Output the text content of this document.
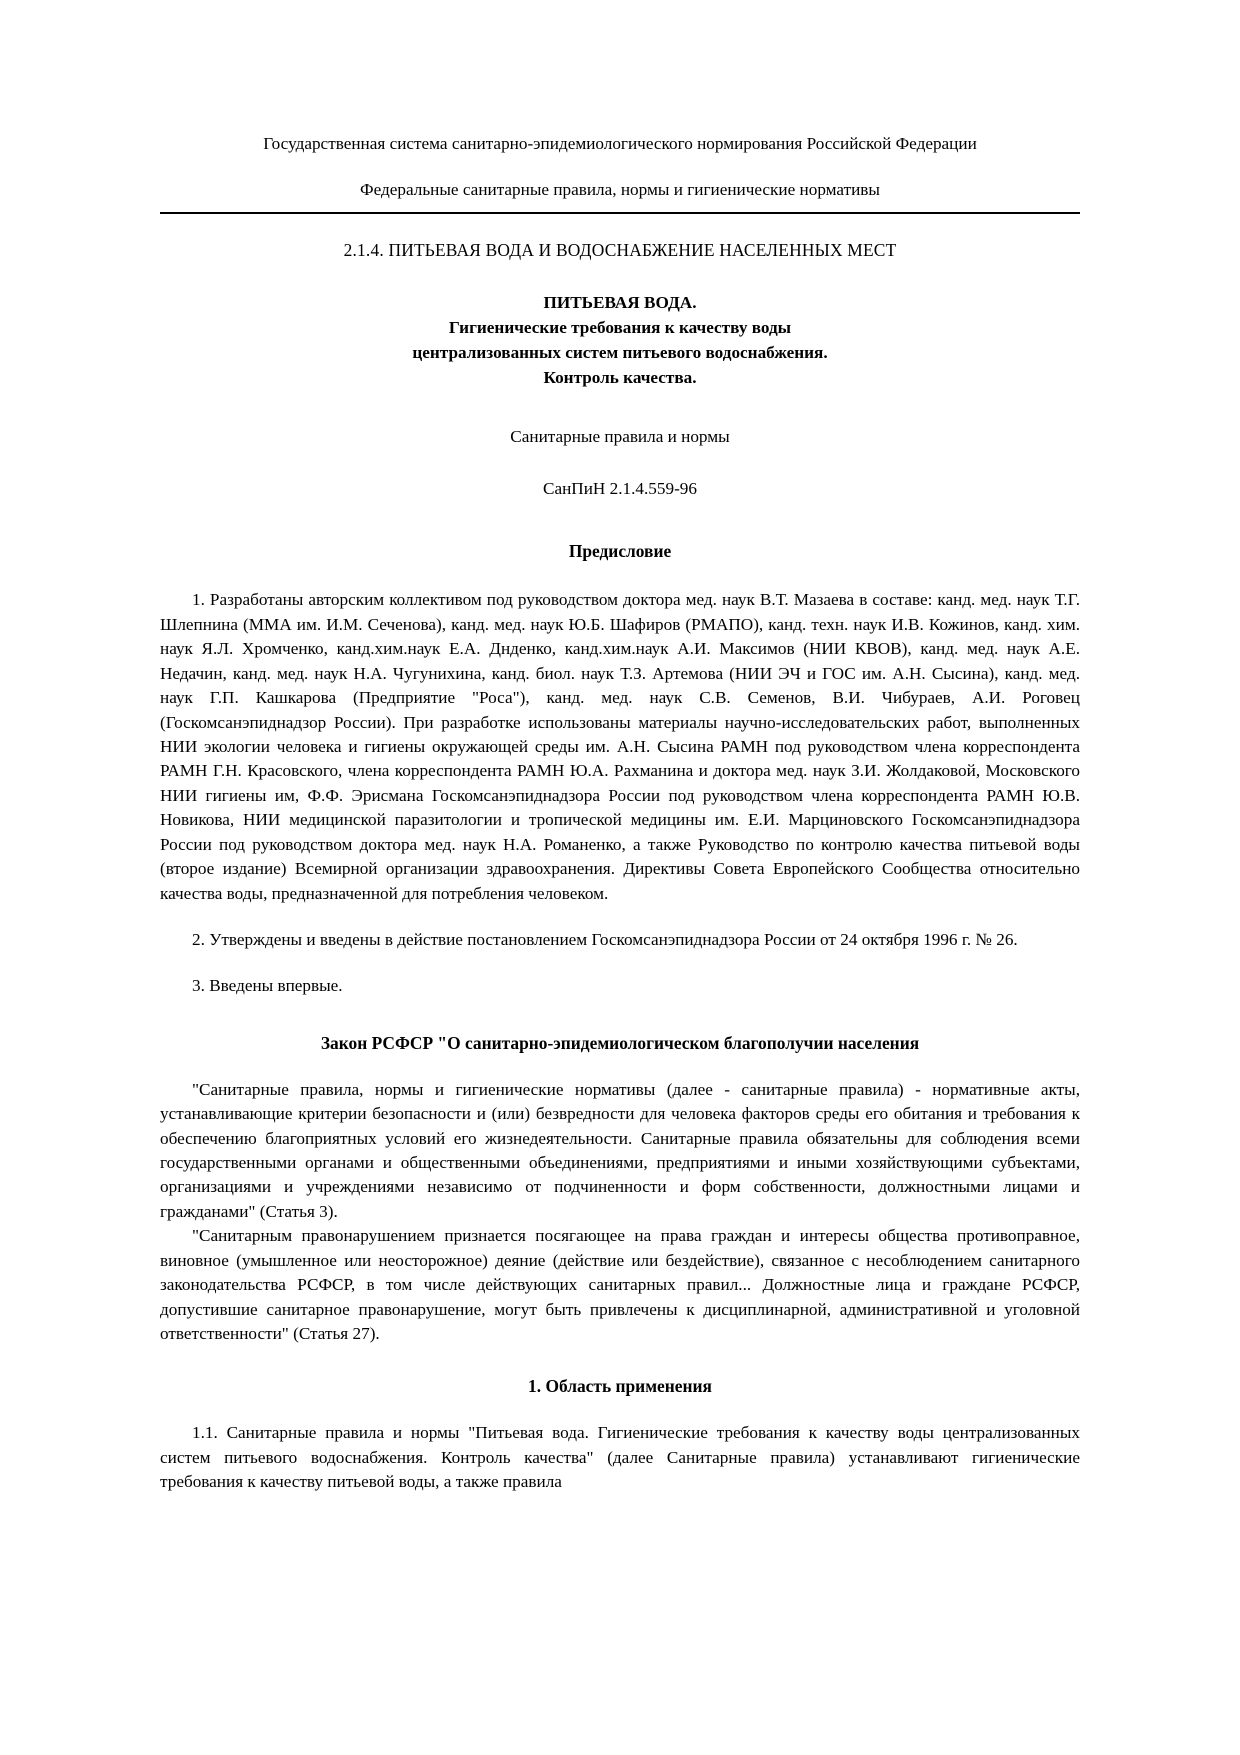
Государственная система санитарно-эпидемиологического нормирования Российской Федерации
Федеральные санитарные правила, нормы и гигиенические нормативы
2.1.4. ПИТЬЕВАЯ ВОДА И ВОДОСНАБЖЕНИЕ НАСЕЛЕННЫХ МЕСТ
ПИТЬЕВАЯ ВОДА.
Гигиенические требования к качеству воды
централизованных систем питьевого водоснабжения.
Контроль качества.
Санитарные правила и нормы
СанПиН 2.1.4.559-96
Предисловие

1. Разработаны авторским коллективом под руководством доктора мед. наук В.Т. Мазаева в составе: канд. мед. наук Т.Г. Шлепнина (ММА им. И.М. Сеченова), канд. мед. наук Ю.Б. Шафиров (РМАПО), канд. техн. наук И.В. Кожинов, канд. хим. наук Я.Л. Хромченко, канд.хим.наук Е.А. Днденко, канд.хим.наук А.И. Максимов (НИИ КВОВ), канд. мед. наук А.Е. Недачин, канд. мед. наук Н.А. Чугунихина, канд. биол. наук Т.З. Артемова (НИИ ЭЧ и ГОС им. А.Н. Сысина), канд. мед. наук Г.П. Кашкарова (Предприятие "Роса"), канд. мед. наук С.В. Семенов, В.И. Чибураев, А.И. Роговец (Госкомсанэпиднадзор России). При разработке использованы материалы научно-исследовательских работ, выполненных НИИ экологии человека и гигиены окружающей среды им. А.Н. Сысина РАМН под руководством члена корреспондента РАМН Г.Н. Красовского, члена корреспондента РАМН Ю.А. Рахманина и доктора мед. наук З.И. Жолдаковой, Московского НИИ гигиены им, Ф.Ф. Эрисмана Госкомсанэпиднадзора России под руководством члена корреспондента РАМН Ю.В. Новикова, НИИ медицинской паразитологии и тропической медицины им. Е.И. Марциновского Госкомсанэпиднадзора России под руководством доктора мед. наук Н.А. Романенко, а также Руководство по контролю качества питьевой воды (второе издание) Всемирной организации здравоохранения. Директивы Совета Европейского Сообщества относительно качества воды, предназначенной для потребления человеком.

2. Утверждены и введены в действие постановлением Госкомсанэпиднадзора России от 24 октября 1996 г. № 26.

3. Введены впервые.

Закон РСФСР "О санитарно-эпидемиологическом благополучии населения

"Санитарные правила, нормы и гигиенические нормативы (далее - санитарные правила) - нормативные акты, устанавливающие критерии безопасности и (или) безвредности для человека факторов среды его обитания и требования к обеспечению благоприятных условий его жизнедеятельности. Санитарные правила обязательны для соблюдения всеми государственными органами и общественными объединениями, предприятиями и иными хозяйствующими субъектами, организациями и учреждениями независимо от подчиненности и форм собственности, должностными лицами и гражданами" (Статья 3).

"Санитарным правонарушением признается посягающее на права граждан и интересы общества противоправное, виновное (умышленное или неосторожное) деяние (действие или бездействие), связанное с несоблюдением санитарного законодательства РСФСР, в том числе действующих санитарных правил... Должностные лица и граждане РСФСР, допустившие санитарное правонарушение, могут быть привлечены к дисциплинарной, административной и уголовной ответственности" (Статья 27).

1. Область применения

1.1. Санитарные правила и нормы "Питьевая вода. Гигиенические требования к качеству воды централизованных систем питьевого водоснабжения. Контроль качества" (далее Санитарные правила) устанавливают гигиенические требования к качеству питьевой воды, а также правила
